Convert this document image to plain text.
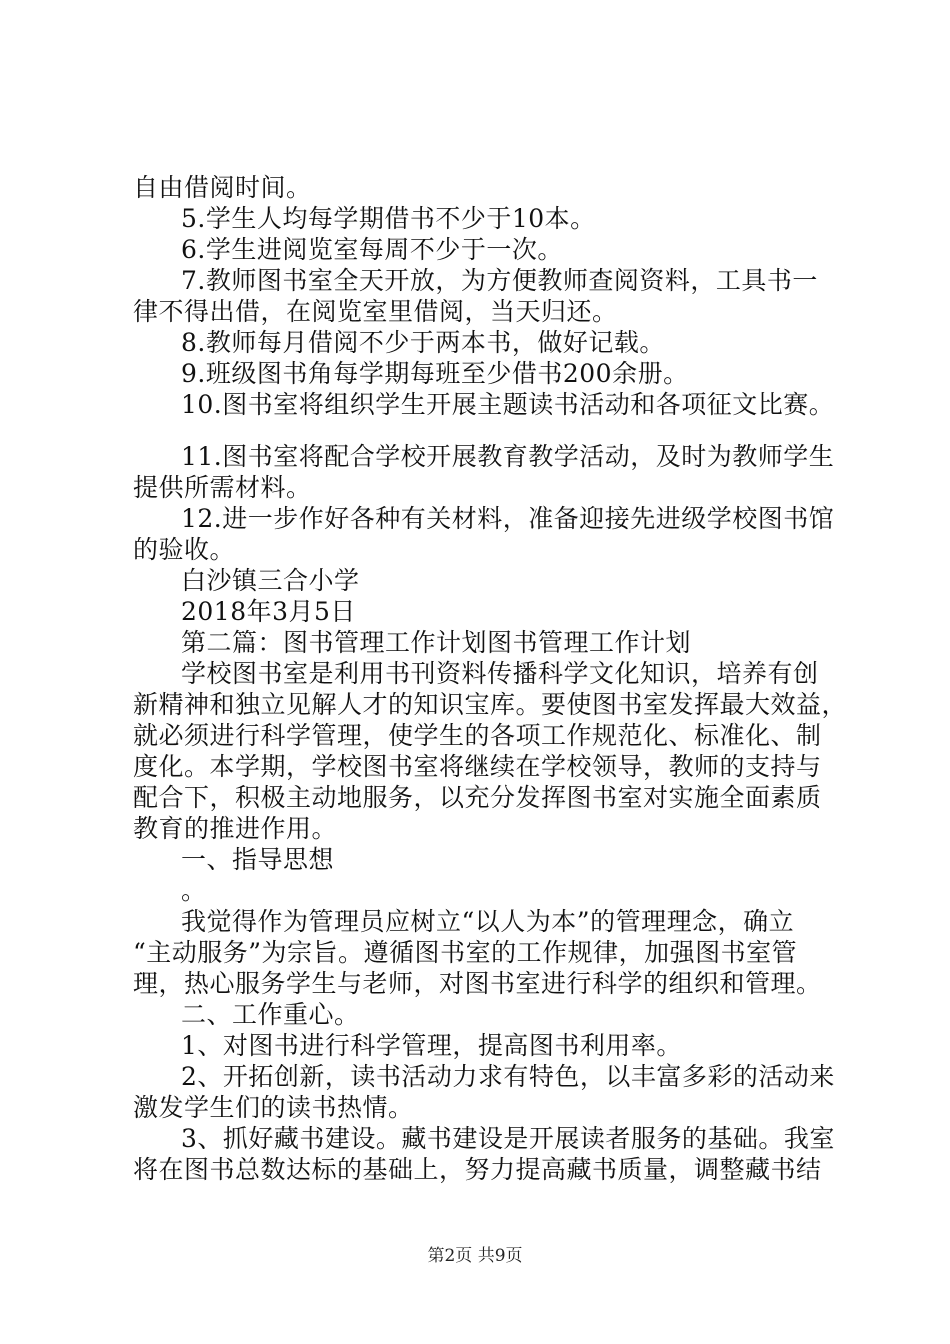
自由借阅时间。
5.学生人均每学期借书不少于10本。
6.学生进阅览室每周不少于一次。
7.教师图书室全天开放，为方便教师查阅资料，工具书一
律不得出借，在阅览室里借阅，当天归还。
8.教师每月借阅不少于两本书，做好记载。
9.班级图书角每学期每班至少借书200余册。
10.图书室将组织学生开展主题读书活动和各项征文比赛。
11.图书室将配合学校开展教育教学活动，及时为教师学生
提供所需材料。
12.进一步作好各种有关材料，准备迎接先进级学校图书馆
的验收。
白沙镇三合小学
2018年3月5日
第二篇：图书管理工作计划图书管理工作计划
学校图书室是利用书刊资料传播科学文化知识，培养有创
新精神和独立见解人才的知识宝库。要使图书室发挥最大效益，
就必须进行科学管理，使学生的各项工作规范化、标准化、制
度化。本学期，学校图书室将继续在学校领导，教师的支持与
配合下，积极主动地服务，以充分发挥图书室对实施全面素质
教育的推进作用。
一、指导思想
。
我觉得作为管理员应树立“以人为本”的管理理念，确立
“主动服务”为宗旨。遵循图书室的工作规律，加强图书室管
理，热心服务学生与老师，对图书室进行科学的组织和管理。
二、工作重心。
1、对图书进行科学管理，提高图书利用率。
2、开拓创新，读书活动力求有特色，以丰富多彩的活动来
激发学生们的读书热情。
3、抓好藏书建设。藏书建设是开展读者服务的基础。我室
将在图书总数达标的基础上，努力提高藏书质量，调整藏书结
第2页 共9页
